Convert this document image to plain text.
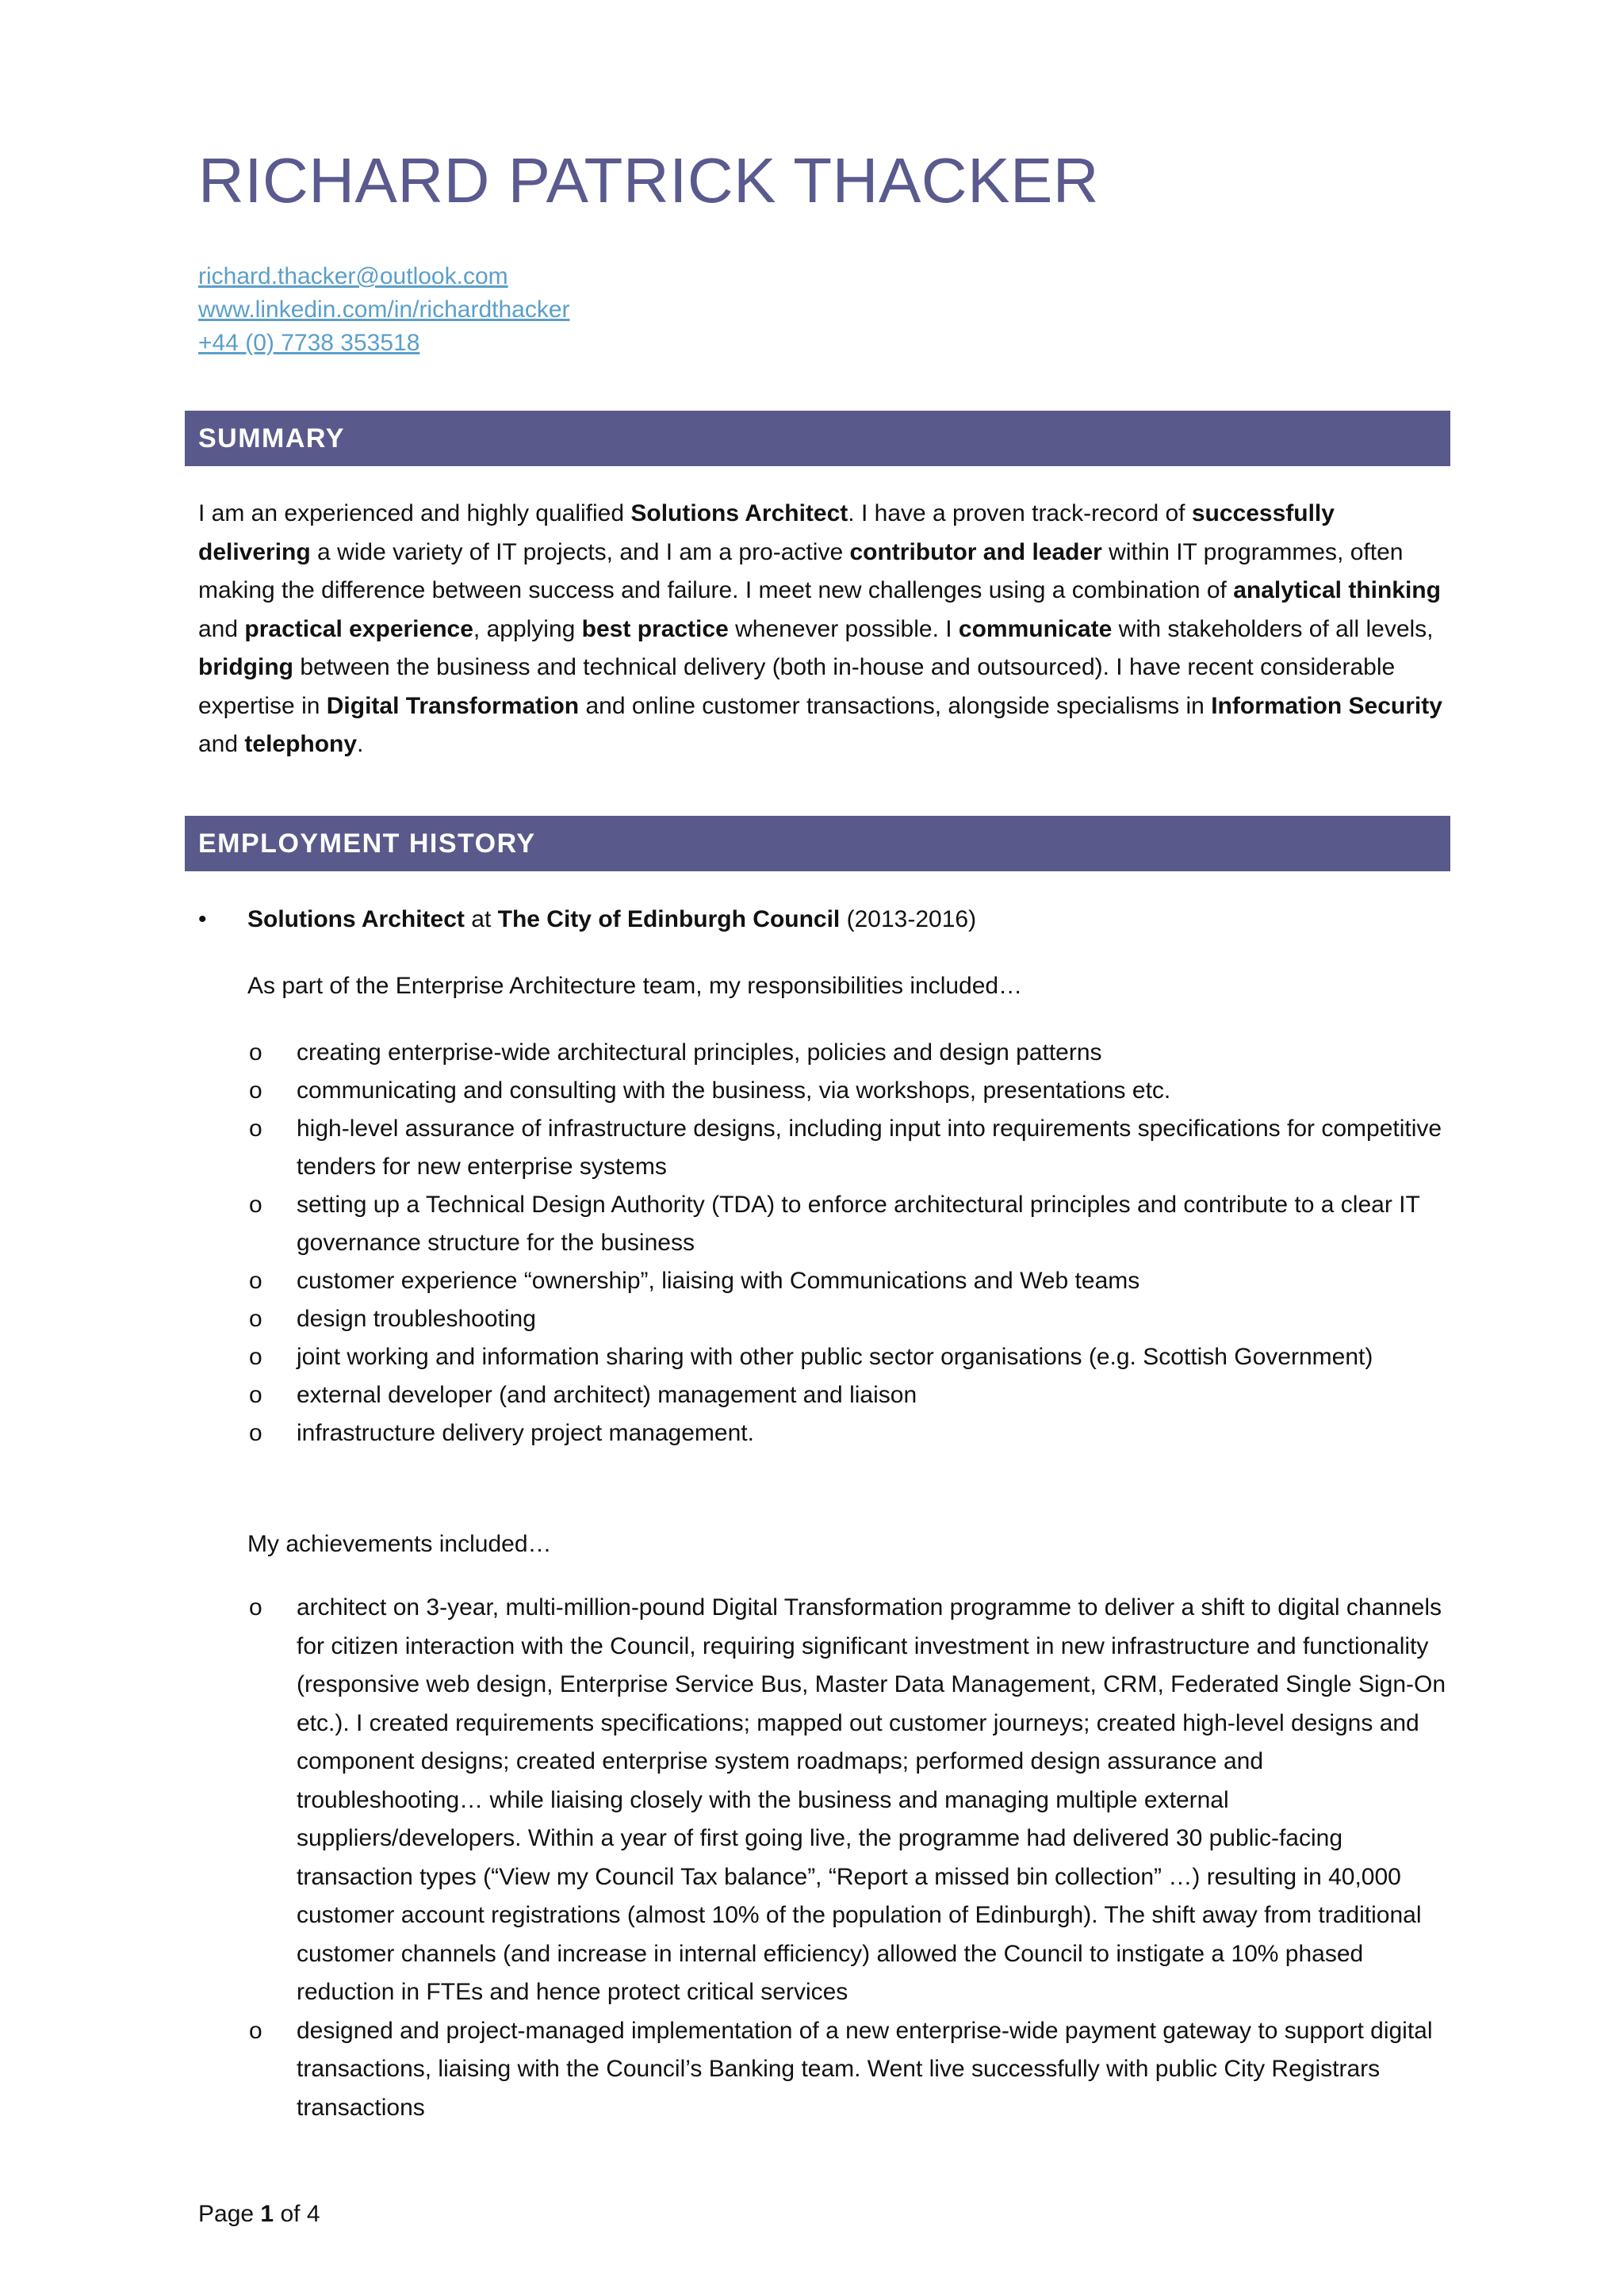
RICHARD PATRICK THACKER
richard.thacker@outlook.com
www.linkedin.com/in/richardthacker
+44 (0) 7738 353518
SUMMARY

I am an experienced and highly qualified Solutions Architect. I have a proven track-record of successfully delivering a wide variety of IT projects, and I am a pro-active contributor and leader within IT programmes, often making the difference between success and failure. I meet new challenges using a combination of analytical thinking and practical experience, applying best practice whenever possible. I communicate with stakeholders of all levels, bridging between the business and technical delivery (both in-house and outsourced). I have recent considerable expertise in Digital Transformation and online customer transactions, alongside specialisms in Information Security and telephony.

EMPLOYMENT HISTORY
• Solutions Architect at The City of Edinburgh Council (2013-2016)
As part of the Enterprise Architecture team, my responsibilities included…
o creating enterprise-wide architectural principles, policies and design patterns
o communicating and consulting with the business, via workshops, presentations etc.
o high-level assurance of infrastructure designs, including input into requirements specifications for competitive tenders for new enterprise systems
o setting up a Technical Design Authority (TDA) to enforce architectural principles and contribute to a clear IT governance structure for the business
o customer experience “ownership”, liaising with Communications and Web teams
o design troubleshooting
o joint working and information sharing with other public sector organisations (e.g. Scottish Government)
o external developer (and architect) management and liaison
o infrastructure delivery project management.
My achievements included…
o architect on 3-year, multi-million-pound Digital Transformation programme to deliver a shift to digital channels for citizen interaction with the Council, requiring significant investment in new infrastructure and functionality (responsive web design, Enterprise Service Bus, Master Data Management, CRM, Federated Single Sign-On etc.). I created requirements specifications; mapped out customer journeys; created high-level designs and component designs; created enterprise system roadmaps; performed design assurance and troubleshooting… while liaising closely with the business and managing multiple external suppliers/developers. Within a year of first going live, the programme had delivered 30 public-facing transaction types (“View my Council Tax balance”, “Report a missed bin collection” …) resulting in 40,000 customer account registrations (almost 10% of the population of Edinburgh). The shift away from traditional customer channels (and increase in internal efficiency) allowed the Council to instigate a 10% phased reduction in FTEs and hence protect critical services
o designed and project-managed implementation of a new enterprise-wide payment gateway to support digital transactions, liaising with the Council’s Banking team. Went live successfully with public City Registrars transactions
Page 1 of 4
